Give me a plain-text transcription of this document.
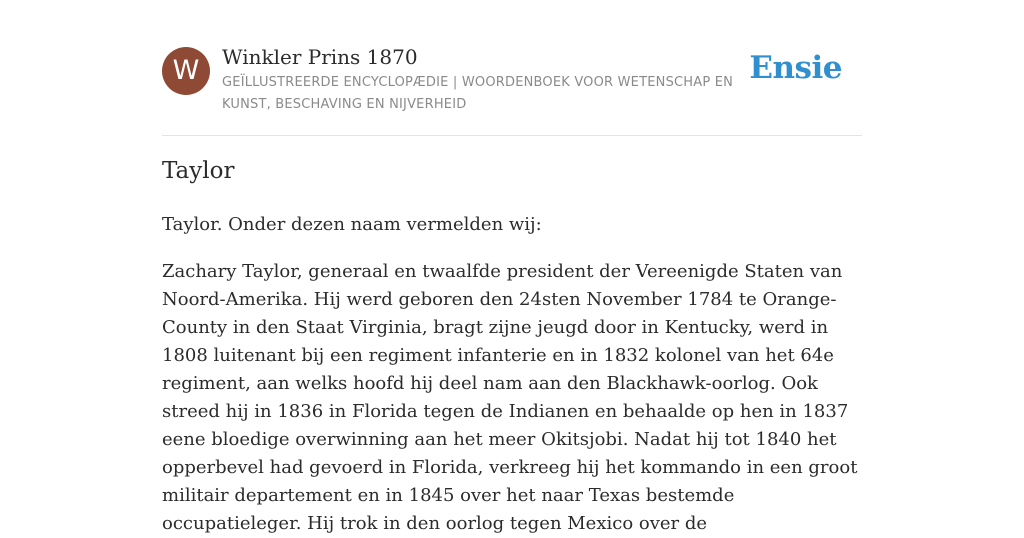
W	Winkler Prins 1870
GEÏLLUSTREERDE ENCYCLOPÆDIE | WOORDENBOEK VOOR WETENSCHAP EN KUNST, BESCHAVING EN NIJVERHEID
Ensie
Taylor

Taylor. Onder dezen naam vermelden wij:

Zachary Taylor, generaal en twaalfde president der Vereenigde Staten van Noord-Amerika. Hij werd geboren den 24sten November 1784 te Orange-County in den Staat Virginia, bragt zijne jeugd door in Kentucky, werd in 1808 luitenant bij een regiment infanterie en in 1832 kolonel van het 64e regiment, aan welks hoofd hij deel nam aan den Blackhawk-oorlog. Ook streed hij in 1836 in Florida tegen de Indianen en behaalde op hen in 1837 eene bloedige overwinning aan het meer Okitsjobi. Nadat hij tot 1840 het opperbevel had gevoerd in Florida, verkreeg hij het kommando in een groot militair departement en in 1845 over het naar Texas bestemde occupatieleger. Hij trok in den oorlog tegen Mexico over de
